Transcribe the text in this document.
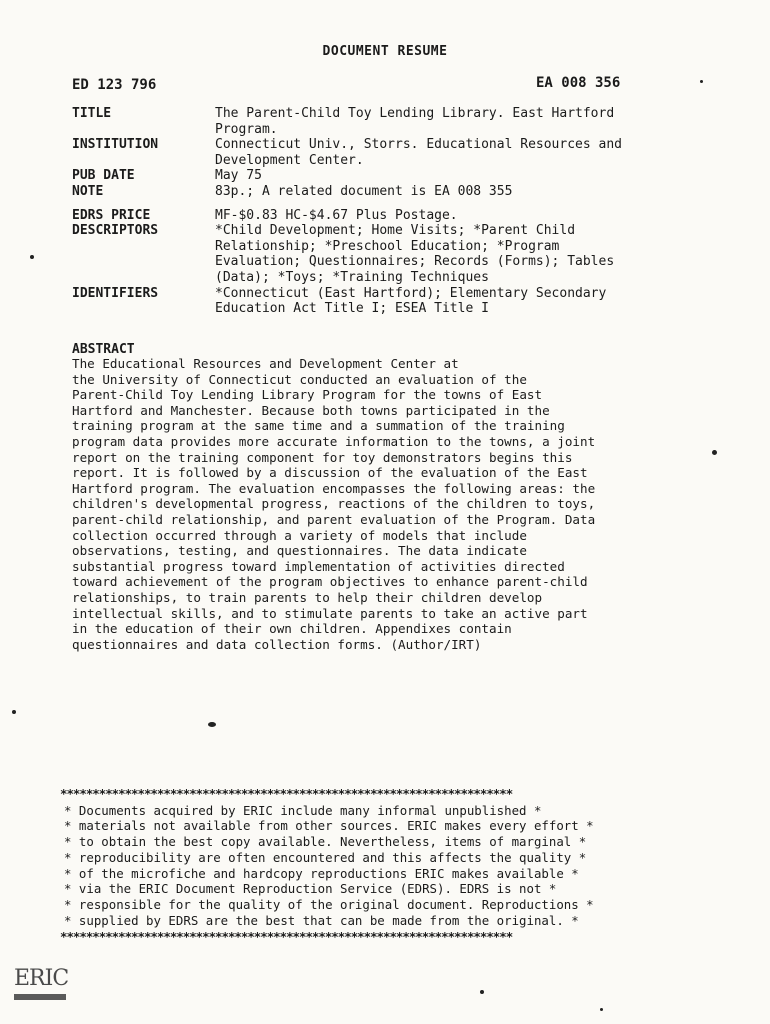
DOCUMENT RESUME
ED 123 796	EA 008 356
TITLE	The Parent-Child Toy Lending Library. East Hartford
Program.
INSTITUTION	Connecticut Univ., Storrs. Educational Resources and
Development Center.
PUB DATE	May 75
NOTE	83p.; A related document is EA 008 355
EDRS PRICE	MF-$0.83 HC-$4.67 Plus Postage.
DESCRIPTORS	*Child Development; Home Visits; *Parent Child
Relationship; *Preschool Education; *Program
Evaluation; Questionnaires; Records (Forms); Tables
(Data); *Toys; *Training Techniques
IDENTIFIERS	*Connecticut (East Hartford); Elementary Secondary
Education Act Title I; ESEA Title I
ABSTRACT
The Educational Resources and Development Center at
the University of Connecticut conducted an evaluation of the
Parent-Child Toy Lending Library Program for the towns of East
Hartford and Manchester. Because both towns participated in the
training program at the same time and a summation of the training
program data provides more accurate information to the towns, a joint
report on the training component for toy demonstrators begins this
report. It is followed by a discussion of the evaluation of the East
Hartford program. The evaluation encompasses the following areas: the
children's developmental progress, reactions of the children to toys,
parent-child relationship, and parent evaluation of the Program. Data
collection occurred through a variety of models that include
observations, testing, and questionnaires. The data indicate
substantial progress toward implementation of activities directed
toward achievement of the program objectives to enhance parent-child
relationships, to train parents to help their children develop
intellectual skills, and to stimulate parents to take an active part
in the education of their own children. Appendixes contain
questionnaires and data collection forms. (Author/IRT)
**********************************************************************
* Documents acquired by ERIC include many informal unpublished *
* materials not available from other sources. ERIC makes every effort *
* to obtain the best copy available. Nevertheless, items of marginal *
* reproducibility are often encountered and this affects the quality *
* of the microfiche and hardcopy reproductions ERIC makes available *
* via the ERIC Document Reproduction Service (EDRS). EDRS is not *
* responsible for the quality of the original document. Reproductions *
* supplied by EDRS are the best that can be made from the original. *
**********************************************************************
ERIC
